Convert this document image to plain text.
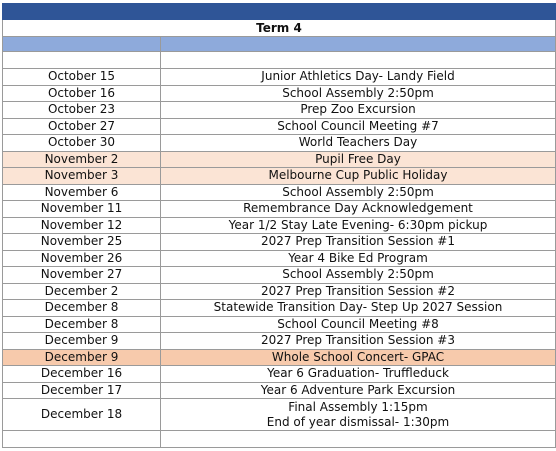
Term 4	

October 15	Junior Athletics Day- Landy Field

October 16	School Assembly 2:50pm

October 23	Prep Zoo Excursion

October 27	School Council Meeting #7

October 30	World Teachers Day

November 2	Pupil Free Day

November 3	Melbourne Cup Public Holiday

November 6	School Assembly 2:50pm

November 11	Remembrance Day Acknowledgement

November 12	Year 1/2 Stay Late Evening- 6:30pm pickup

November 25	2027 Prep Transition Session #1

November 26	Year 4 Bike Ed Program

November 27	School Assembly 2:50pm

December 2	2027 Prep Transition Session #2

December 8	Statewide Transition Day- Step Up 2027 Session

December 8	School Council Meeting #8

December 9	2027 Prep Transition Session #3

December 9	Whole School Concert- GPAC

December 16	Year 6 Graduation- Truffleduck

December 17	Year 6 Adventure Park Excursion

December 18	Final Assembly 1:15pm
End of year dismissal- 1:30pm
